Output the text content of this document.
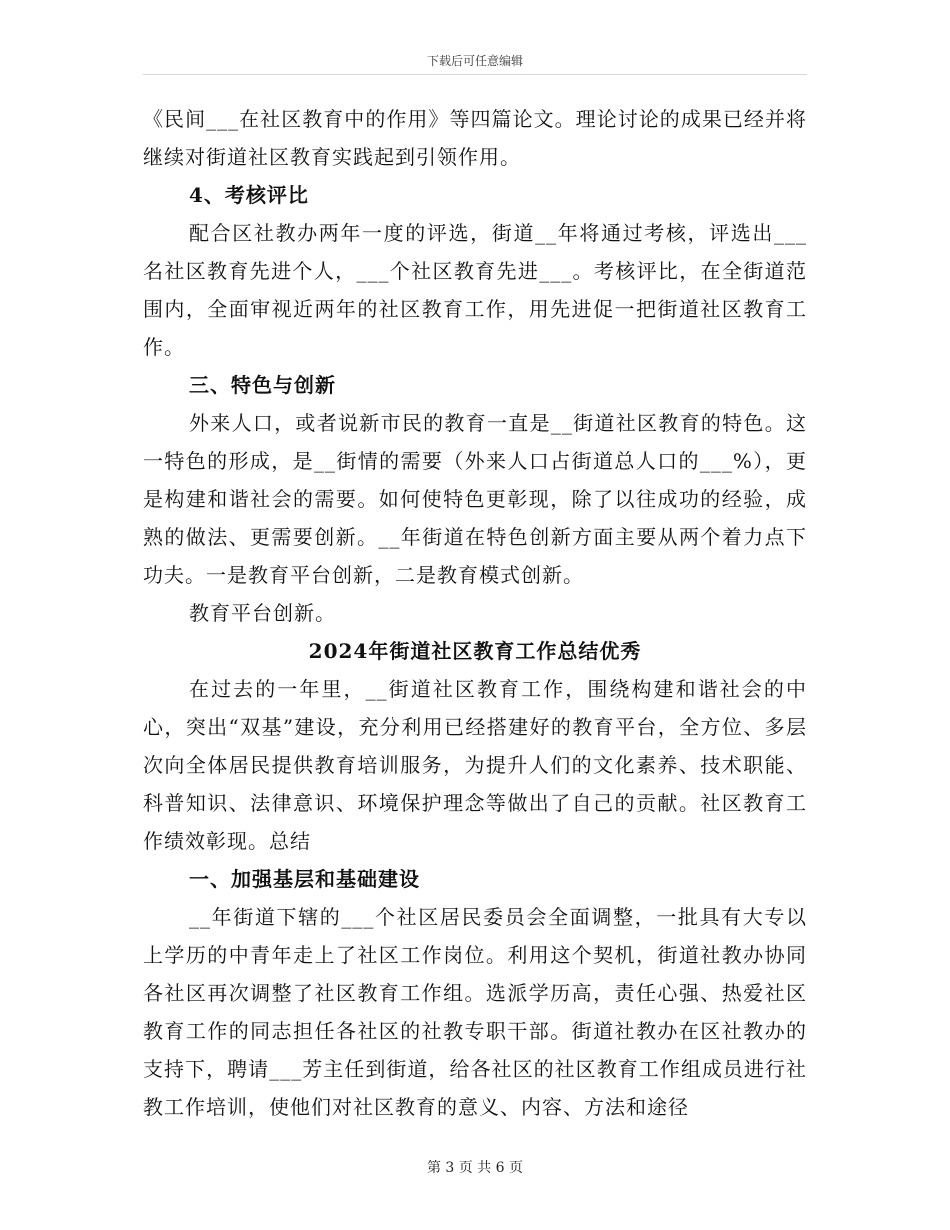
下载后可任意编辑

《民间___在社区教育中的作用》等四篇论文。理论讨论的成果已经并将继续对街道社区教育实践起到引领作用。

4、考核评比

配合区社教办两年一度的评选，街道__年将通过考核，评选出___名社区教育先进个人，___个社区教育先进___。考核评比，在全街道范围内，全面审视近两年的社区教育工作，用先进促一把街道社区教育工作。

三、特色与创新

外来人口，或者说新市民的教育一直是__街道社区教育的特色。这一特色的形成，是__街情的需要（外来人口占街道总人口的___%），更是构建和谐社会的需要。如何使特色更彰现，除了以往成功的经验，成熟的做法、更需要创新。__年街道在特色创新方面主要从两个着力点下功夫。一是教育平台创新，二是教育模式创新。

教育平台创新。

2024年街道社区教育工作总结优秀

在过去的一年里，__街道社区教育工作，围绕构建和谐社会的中心，突出“双基”建设，充分利用已经搭建好的教育平台，全方位、多层次向全体居民提供教育培训服务，为提升人们的文化素养、技术职能、科普知识、法律意识、环境保护理念等做出了自己的贡献。社区教育工作绩效彰现。总结

一、加强基层和基础建设

__年街道下辖的___个社区居民委员会全面调整，一批具有大专以上学历的中青年走上了社区工作岗位。利用这个契机，街道社教办协同各社区再次调整了社区教育工作组。选派学历高，责任心强、热爱社区教育工作的同志担任各社区的社教专职干部。街道社教办在区社教办的支持下，聘请___芳主任到街道，给各社区的社区教育工作组成员进行社教工作培训，使他们对社区教育的意义、内容、方法和途径

第 3 页 共 6 页
